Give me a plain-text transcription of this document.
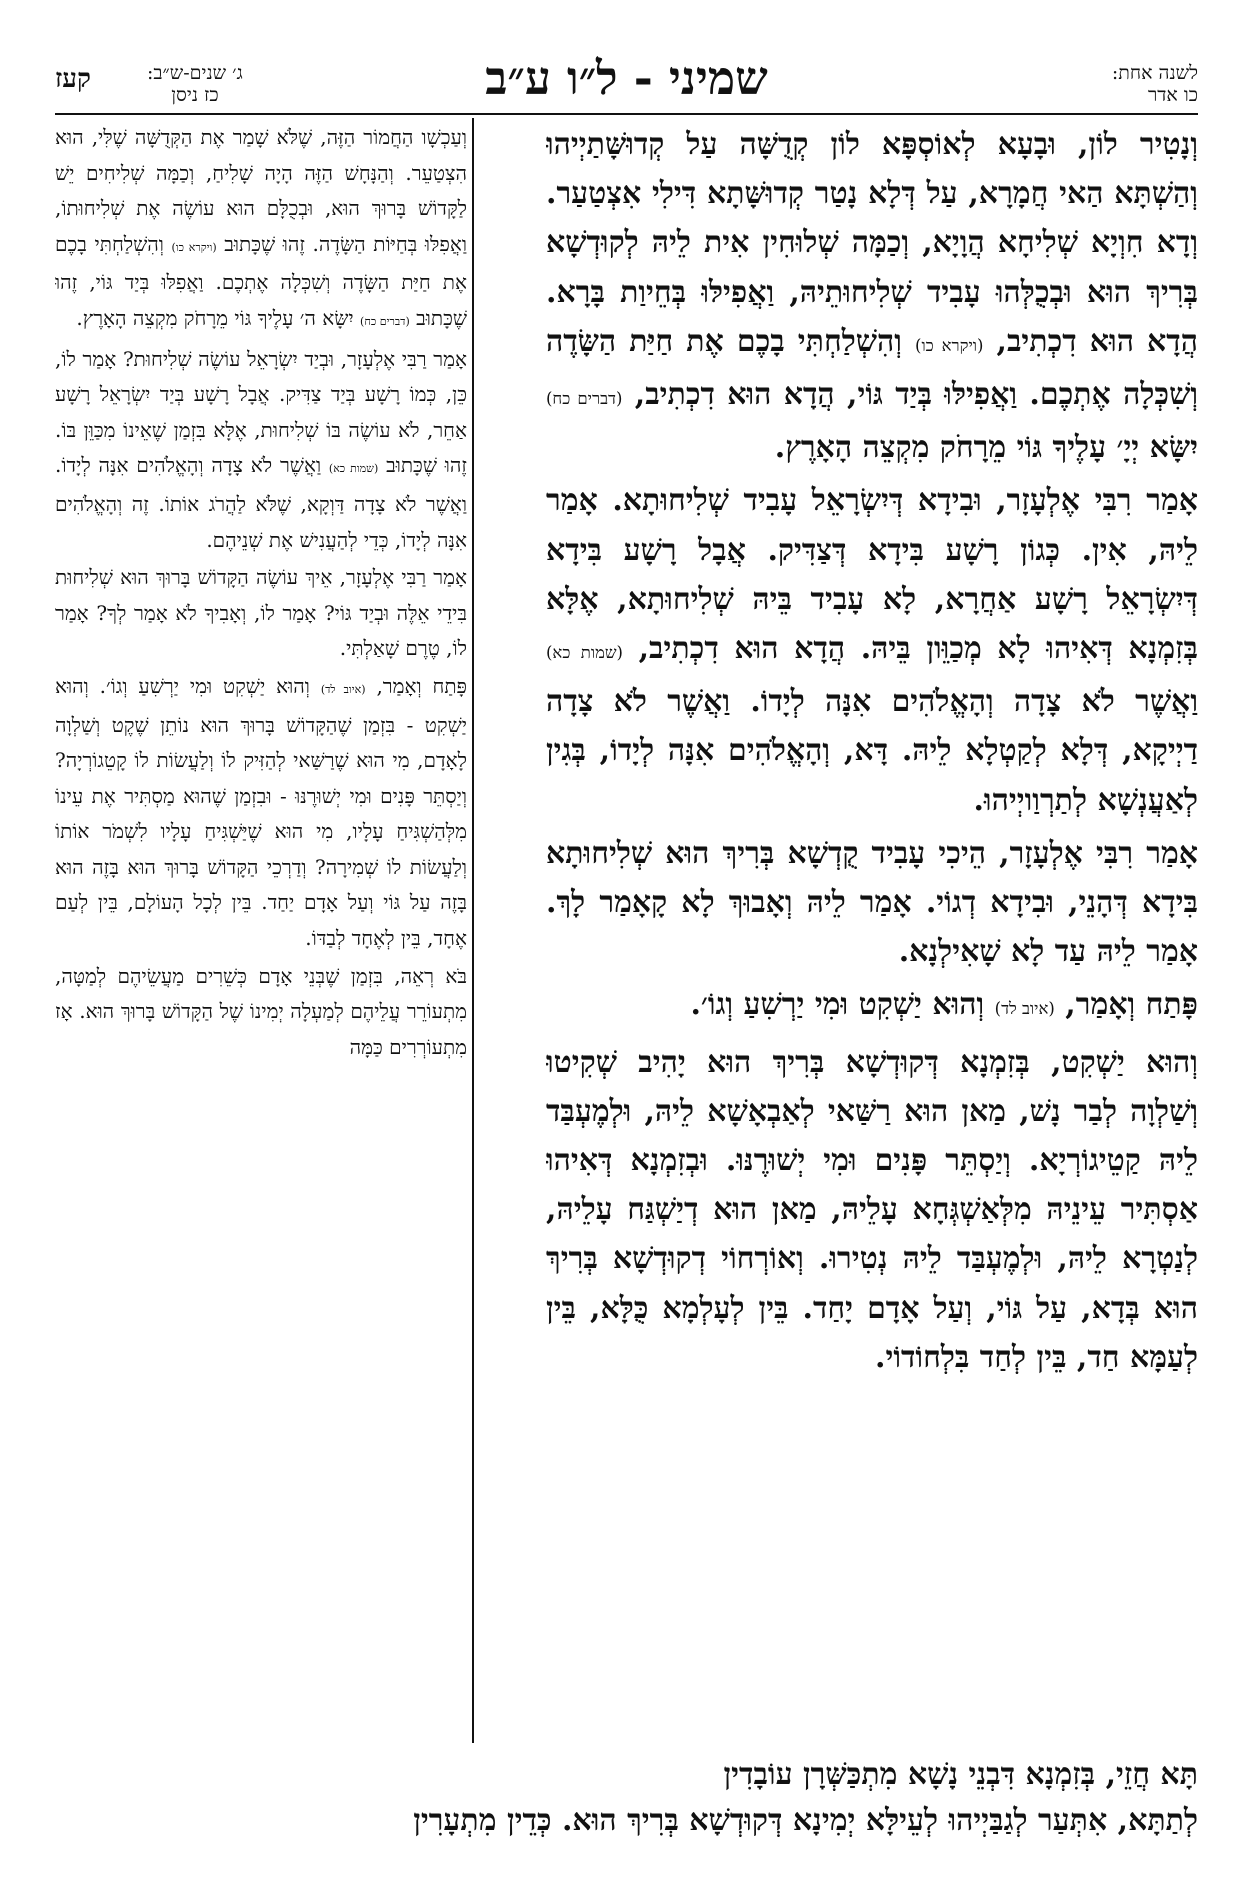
לשנה אחת:
כו אדר
שמיני - ל״ו ע״ב
ג׳ שנים-ש״ב:
כז ניסן
קעז

וְנָטִיר לוֹן, וּבָעָא לְאוֹסְפָּא לוֹן קְדֻשָּׁה עַל קְדוּשָּׁתַיְיהוּ וְהַשְׁתָּא הַאי חֲמָרָא, עַל דְּלָא נָטַר קְדוּשָּׁתָא דִּילִי אִצְטַעַר. וְדָא חִוְיָא שְׁלִיחָא הֲוָיָא, וְכַמָּה שְׁלוּחִין אִית לֵיהּ לְקוּדְשָׁא בְּרִיךְ הוּא וּבְכֻלְּהוּ עָבִיד שְׁלִיחוּתֵיהּ, וַאֲפִילּוּ בְּחֵיוַת בָּרָא. הֲדָא הוּא דִכְתִיב, (ויקרא כו) וְהִשְׁלַחְתִּי בָכֶם אֶת חַיַּת הַשָּׂדֶה וְשִׁכְּלָה אֶתְכֶם. וַאֲפִילּוּ בְּיַד גּוֹי, הֲדָא הוּא דִכְתִיב, (דברים כח) יִשָּׂא יְיָ׳ עָלֶיךָ גּוֹי מֵרָחֹק מִקְצֵה הָאָרֶץ.

אָמַר רִבִּי אֶלְעָזָר, וּבִידָא דְּיִשְׂרָאֵל עָבִיד שְׁלִיחוּתָא. אָמַר לֵיהּ, אִין. כְּגוֹן רָשָׁע בִּידָא דְּצַדִּיק. אֲבָל רָשָׁע בִּידָא דְּיִשְׂרָאֵל רָשָׁע אַחֲרָא, לָא עָבִיד בֵּיהּ שְׁלִיחוּתָא, אֶלָּא בְּזִמְנָא דְּאִיהוּ לָא מְכַוֵּון בֵּיהּ. הֲדָא הוּא דִכְתִיב, (שמות כא) וַאֲשֶׁר לֹא צָדָה וְהָאֱלֹהִים אִנָּה לְיָדוֹ. וַאֲשֶׁר לֹא צָדָה דַיְיקָא, דְּלָא לְקַטְלָא לֵיהּ. דָּא, וְהָאֱלֹהִים אִנָּה לְיָדוֹ, בְּגִין לְאַעֲנְשָׁא לְתַרְוַויְיהוּ.

אָמַר רִבִּי אֶלְעָזָר, הֵיכִי עָבִיד קֻדְשָׁא בְּרִיךְ הוּא שְׁלִיחוּתָא בִּידָא דְּהָנֵי, וּבִידָא דְגוֹי. אָמַר לֵיהּ וְאָבוּךְ לָא קָאָמַר לָךְ. אָמַר לֵיהּ עַד לָא שָׁאִילְנָא.

פָּתַח וְאָמַר, (איוב לד) וְהוּא יַשְׁקִט וּמִי יַרְשִׁעַ וְגוֹ׳.

וְהוּא יַשְׁקִט, בְּזִמְנָא דְּקוּדְשָׁא בְּרִיךְ הוּא יָהִיב שְׁקִיטוּ וְשַׁלְוָה לְבַר נָשׁ, מַאן הוּא רַשַּׁאי לְאַבְאָשָׁא לֵיהּ, וּלְמֶעְבַּד לֵיהּ קַטֵיגוֹרְיָא. וְיַסְתֵּר פָּנִים וּמִי יְשׁוּרֶנּוּ. וּבְזִמְנָא דְּאִיהוּ אַסְתִּיר עֵינֵיהּ מִלְּאַשְׁגְּחָא עָלֵיהּ, מַאן הוּא דְיַשְׁגַּח עָלֵיהּ, לְנַטְרָא לֵיהּ, וּלְמֶעְבַּד לֵיהּ נְטִירוּ. וְאוֹרְחוֹי דְקוּדְשָׁא בְּרִיךְ הוּא בְּדָא, עַל גּוֹי, וְעַל אָדָם יָחַד. בֵּין לְעָלְמָא כֻּלָּא, בֵּין לְעַמָּא חַד, בֵּין לְחַד בִּלְחוֹדוֹי.

וְעַכְשָׁו הַחֲמוֹר הַזֶּה, שֶׁלֹּא שָׁמַר אֶת הַקְּדֻשָּׁה שֶׁלִּי, הוּא הִצְטַעֵר. וְהַנָּחָשׁ הַזֶּה הָיָה שָׁלִיחַ, וְכַמָּה שְׁלִיחִים יֵשׁ לַקָּדוֹשׁ בָּרוּךְ הוּא, וּבְכֻלָּם הוּא עוֹשֶׂה אֶת שְׁלִיחוּתוֹ, וַאֲפִלּוּ בְּחַיּוֹת הַשָּׂדֶה. זֶהוּ שֶׁכָּתוּב (ויקרא כו) וְהִשְׁלַחְתִּי בָכֶם אֶת חַיַּת הַשָּׂדֶה וְשִׁכְּלָה אֶתְכֶם. וַאֲפִלּוּ בְּיַד גּוֹי, זֶהוּ שֶׁכָּתוּב (דברים כח) יִשָּׂא ה׳ עָלֶיךָ גּוֹי מֵרָחֹק מִקְצֵה הָאָרֶץ.

אָמַר רַבִּי אֶלְעָזָר, וּבְיַד יִשְׂרָאֵל עוֹשֶׂה שְׁלִיחוּת? אָמַר לוֹ, כֵּן, כְּמוֹ רָשָׁע בְּיַד צַדִּיק. אֲבָל רָשָׁע בְּיַד יִשְׂרָאֵל רָשָׁע אַחֵר, לֹא עוֹשֶׂה בּוֹ שְׁלִיחוּת, אֶלָּא בִּזְמַן שֶׁאֵינוֹ מִכַּוֵּן בּוֹ. זֶהוּ שֶׁכָּתוּב (שמות כא) וַאֲשֶׁר לֹא צָדָה וְהָאֱלֹהִים אִנָּה לְיָדוֹ. וַאֲשֶׁר לֹא צָדָה דַּוְקָא, שֶׁלֹּא לַהֲרֹג אוֹתוֹ. זֶה וְהָאֱלֹהִים אִנָּה לְיָדוֹ, כְּדֵי לְהַעֲנִישׁ אֶת שְׁנֵיהֶם.

אָמַר רַבִּי אֶלְעָזָר, אֵיךְ עוֹשֶׂה הַקָּדוֹשׁ בָּרוּךְ הוּא שְׁלִיחוּת בִּידֵי אֵלֶּה וּבְיַד גּוֹי? אָמַר לוֹ, וְאָבִיךָ לֹא אָמַר לְךָ? אָמַר לוֹ, טֶרֶם שָׁאַלְתִּי.

פָּתַח וְאָמַר, (איוב לד) וְהוּא יַשְׁקִט וּמִי יַרְשִׁעַ וְגוֹ׳. וְהוּא יַשְׁקִט - בִּזְמַן שֶׁהַקָּדוֹשׁ בָּרוּךְ הוּא נוֹתֵן שֶׁקֶט וְשַׁלְוָה לָאָדָם, מִי הוּא שֶׁרַשַּׁאי לְהַזִּיק לוֹ וְלַעֲשׂוֹת לוֹ קָטֵגוֹרְיָה? וְיַסְתֵּר פָּנִים וּמִי יְשׁוּרֶנּוּ - וּבִזְמַן שֶׁהוּא מַסְתִּיר אֶת עֵינוֹ מִלְּהַשְׁגִּיחַ עָלָיו, מִי הוּא שֶׁיַּשְׁגִּיחַ עָלָיו לִשְׁמֹר אוֹתוֹ וְלַעֲשׂוֹת לוֹ שְׁמִירָה? וְדַרְכֵי הַקָּדוֹשׁ בָּרוּךְ הוּא בָּזֶה הוּא בָּזֶה עַל גּוֹי וְעַל אָדָם יַחַד. בֵּין לְכָל הָעוֹלָם, בֵּין לְעַם אֶחָד, בֵּין לְאֶחָד לְבַדּוֹ.

בֹּא רְאֵה, בִּזְמַן שֶׁבְּנֵי אָדָם כְּשֵׁרִים מַעֲשֵׂיהֶם לְמַטָּה, מִתְעוֹרֵר עֲלֵיהֶם לְמַעְלָה יְמִינוֹ שֶׁל הַקָּדוֹשׁ בָּרוּךְ הוּא. אָז מִתְעוֹרְרִים כַּמָּה

תָּא חֲזֵי, בְּזִמְנָא דִּבְנֵי נָשָׁא מִתְכַּשְּׁרָן עוֹבָדִין
לְתַתָּא, אִתְּעַר לְגַבַּיְיהוּ לְעֵילָּא יְמִינָא דְּקוּדְשָׁא בְּרִיךְ הוּא. כְּדֵין מִתְעָרִין
